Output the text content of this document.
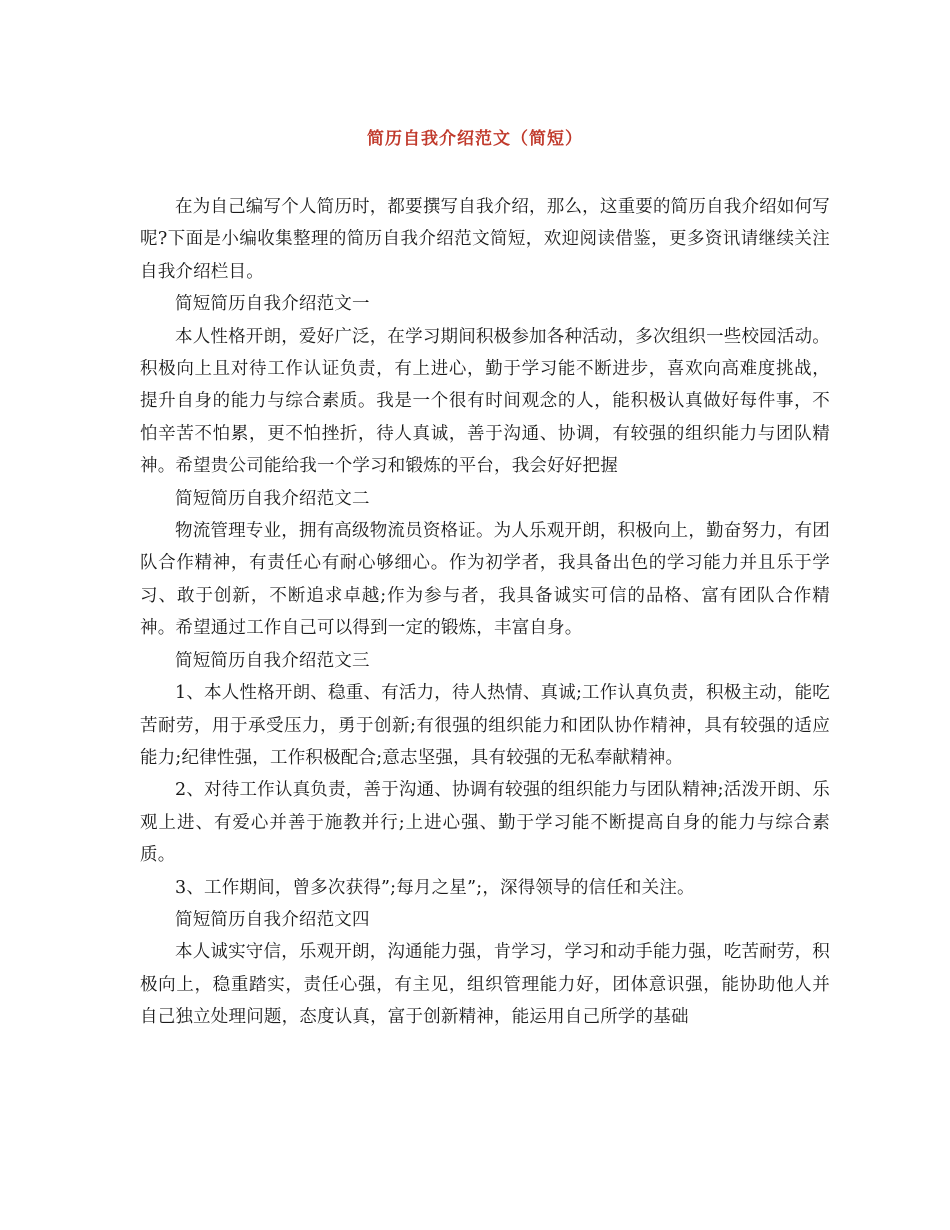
简历自我介绍范文（简短）

在为自己编写个人简历时，都要撰写自我介绍，那么，这重要的简历自我介绍如何写呢?下面是小编收集整理的简历自我介绍范文简短，欢迎阅读借鉴，更多资讯请继续关注自我介绍栏目。

简短简历自我介绍范文一

本人性格开朗，爱好广泛，在学习期间积极参加各种活动，多次组织一些校园活动。积极向上且对待工作认证负责，有上进心，勤于学习能不断进步，喜欢向高难度挑战，提升自身的能力与综合素质。我是一个很有时间观念的人，能积极认真做好每件事，不怕辛苦不怕累，更不怕挫折，待人真诚，善于沟通、协调，有较强的组织能力与团队精神。希望贵公司能给我一个学习和锻炼的平台，我会好好把握

简短简历自我介绍范文二

物流管理专业，拥有高级物流员资格证。为人乐观开朗，积极向上，勤奋努力，有团队合作精神，有责任心有耐心够细心。作为初学者，我具备出色的学习能力并且乐于学习、敢于创新，不断追求卓越;作为参与者，我具备诚实可信的品格、富有团队合作精神。希望通过工作自己可以得到一定的锻炼，丰富自身。

简短简历自我介绍范文三

1、本人性格开朗、稳重、有活力，待人热情、真诚;工作认真负责，积极主动，能吃苦耐劳，用于承受压力，勇于创新;有很强的组织能力和团队协作精神，具有较强的适应能力;纪律性强，工作积极配合;意志坚强，具有较强的无私奉献精神。

2、对待工作认真负责，善于沟通、协调有较强的组织能力与团队精神;活泼开朗、乐观上进、有爱心并善于施教并行;上进心强、勤于学习能不断提高自身的能力与综合素质。

3、工作期间，曾多次获得”;每月之星”;，深得领导的信任和关注。

简短简历自我介绍范文四

本人诚实守信，乐观开朗，沟通能力强，肯学习，学习和动手能力强，吃苦耐劳，积极向上，稳重踏实，责任心强，有主见，组织管理能力好，团体意识强，能协助他人并自己独立处理问题，态度认真，富于创新精神，能运用自己所学的基础
